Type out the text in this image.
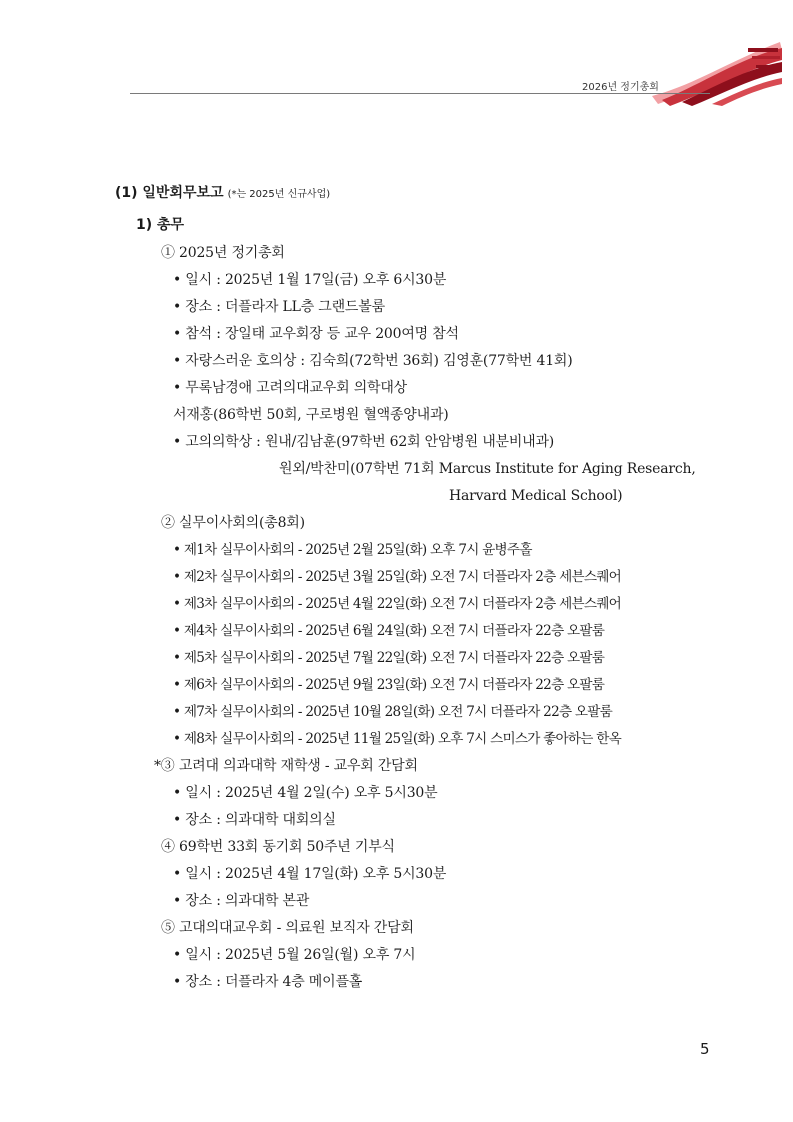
2026년 정기총회
(1) 일반회무보고 (*는 2025년 신규사업)
1) 총무
① 2025년 정기총회
• 일시 : 2025년 1월 17일(금) 오후 6시30분
• 장소 : 더플라자 LL층 그랜드볼룸
• 참석 : 장일태 교우회장 등 교우 200여명 참석
• 자랑스러운 호의상 : 김숙희(72학번 36회) 김영훈(77학번 41회)
• 무록남경애 고려의대교우회 의학대상
서재홍(86학번 50회, 구로병원 혈액종양내과)
• 고의의학상 : 원내/김남훈(97학번 62회 안암병원 내분비내과)
원외/박찬미(07학번 71회 Marcus Institute for Aging Research,
Harvard Medical School)
② 실무이사회의(총8회)
• 제1차 실무이사회의 - 2025년 2월 25일(화) 오후 7시 윤병주홀
• 제2차 실무이사회의 - 2025년 3월 25일(화) 오전 7시 더플라자 2층 세븐스퀘어
• 제3차 실무이사회의 - 2025년 4월 22일(화) 오전 7시 더플라자 2층 세븐스퀘어
• 제4차 실무이사회의 - 2025년 6월 24일(화) 오전 7시 더플라자 22층 오팔룸
• 제5차 실무이사회의 - 2025년 7월 22일(화) 오전 7시 더플라자 22층 오팔룸
• 제6차 실무이사회의 - 2025년 9월 23일(화) 오전 7시 더플라자 22층 오팔룸
• 제7차 실무이사회의 - 2025년 10월 28일(화) 오전 7시 더플라자 22층 오팔룸
• 제8차 실무이사회의 - 2025년 11월 25일(화) 오후 7시 스미스가 좋아하는 한옥
*③ 고려대 의과대학 재학생 - 교우회 간담회
• 일시 : 2025년 4월 2일(수) 오후 5시30분
• 장소 : 의과대학 대회의실
④ 69학번 33회 동기회 50주년 기부식
• 일시 : 2025년 4월 17일(화) 오후 5시30분
• 장소 : 의과대학 본관
⑤ 고대의대교우회 - 의료원 보직자 간담회
• 일시 : 2025년 5월 26일(월) 오후 7시
• 장소 : 더플라자 4층 메이플홀
5
